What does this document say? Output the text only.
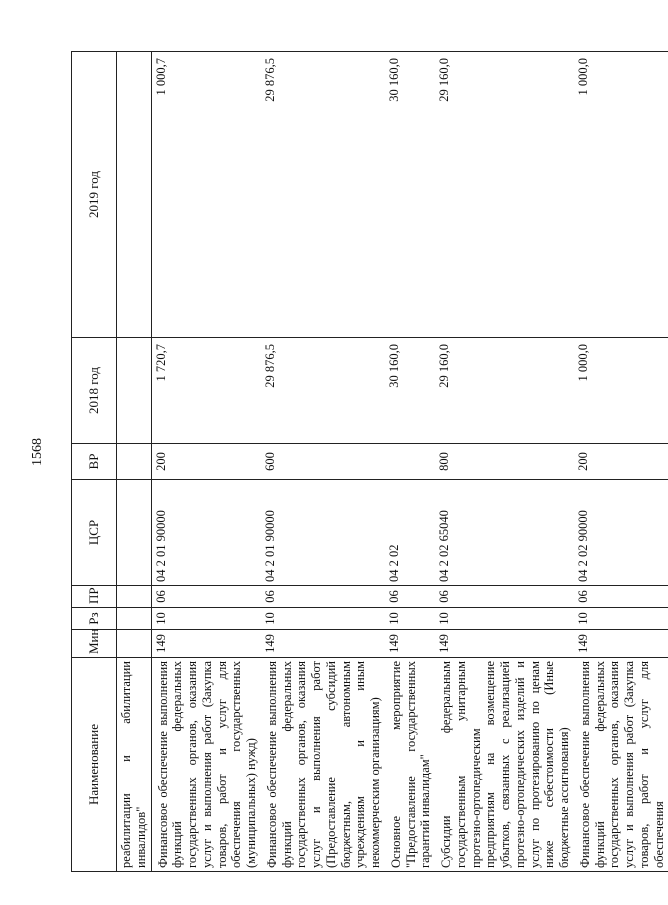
1568
Наименование	Мин	Рз	ПР	ЦСР	ВР	2018 год	2019 год
реабилитации и абилитации инвалидов"							
Финансовое обеспечение выполнения функций федеральных государственных органов, оказания услуг и выполнения работ (Закупка товаров, работ и услуг для обеспечения государственных (муниципальных) нужд)	149	10	06	04 2 01 90000	200	1 720,7	1 000,7
Финансовое обеспечение выполнения функций федеральных государственных органов, оказания услуг и выполнения работ (Предоставление субсидий бюджетным, автономным учреждениям и иным некоммерческим организациям)	149	10	06	04 2 01 90000	600	29 876,5	29 876,5
Основное мероприятие "Предоставление государственных гарантий инвалидам"	149	10	06	04 2 02		30 160,0	30 160,0
Субсидии федеральным государственным унитарным протезно-ортопедическим предприятиям на возмещение убытков, связанных с реализацией протезно-ортопедических изделий и услуг по протезированию по ценам ниже себестоимости (Иные бюджетные ассигнования)	149	10	06	04 2 02 65040	800	29 160,0	29 160,0
Финансовое обеспечение выполнения функций федеральных государственных органов, оказания услуг и выполнения работ (Закупка товаров, работ и услуг для обеспечения	149	10	06	04 2 02 90000	200	1 000,0	1 000,0
